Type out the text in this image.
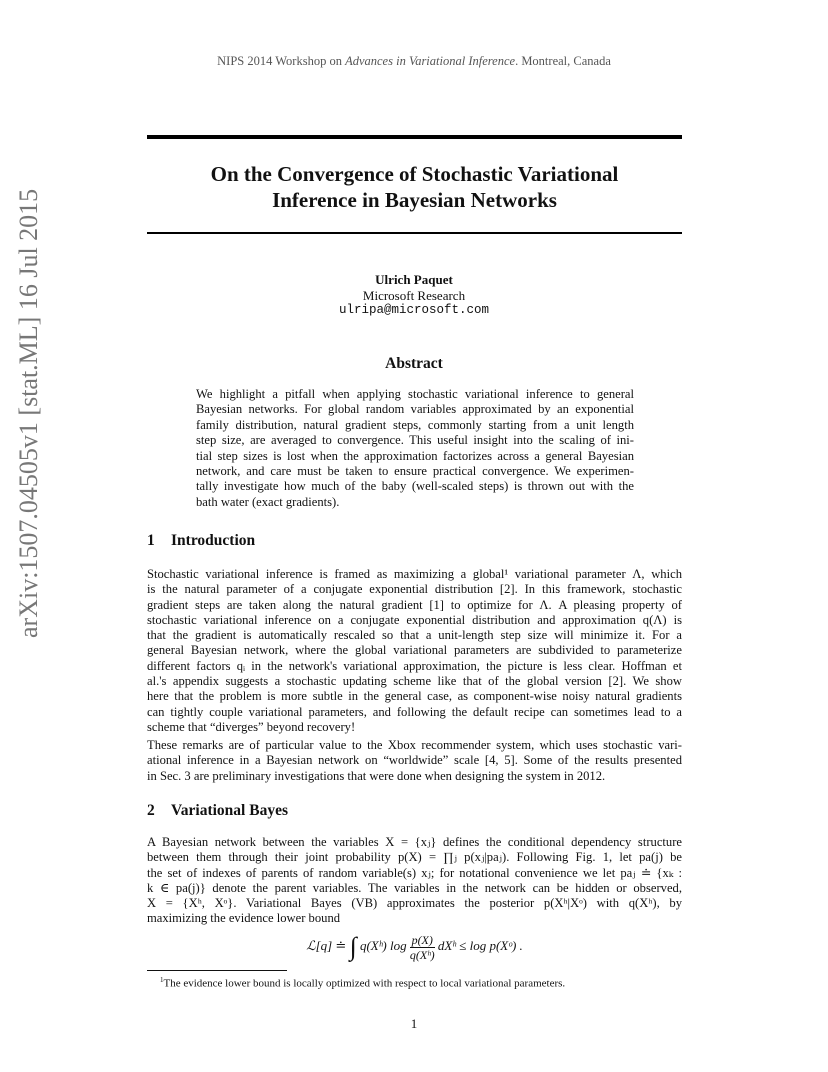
arXiv:1507.04505v1 [stat.ML] 16 Jul 2015
NIPS 2014 Workshop on Advances in Variational Inference. Montreal, Canada
On the Convergence of Stochastic Variational
Inference in Bayesian Networks
Ulrich Paquet
Microsoft Research
ulripa@microsoft.com
Abstract
We highlight a pitfall when applying stochastic variational inference to general
Bayesian networks. For global random variables approximated by an exponential
family distribution, natural gradient steps, commonly starting from a unit length
step size, are averaged to convergence. This useful insight into the scaling of ini-
tial step sizes is lost when the approximation factorizes across a general Bayesian
network, and care must be taken to ensure practical convergence. We experimen-
tally investigate how much of the baby (well-scaled steps) is thrown out with the
bath water (exact gradients).
1 Introduction
Stochastic variational inference is framed as maximizing a global¹ variational parameter Λ, which
is the natural parameter of a conjugate exponential distribution [2]. In this framework, stochastic
gradient steps are taken along the natural gradient [1] to optimize for Λ. A pleasing property of
stochastic variational inference on a conjugate exponential distribution and approximation q(Λ) is
that the gradient is automatically rescaled so that a unit-length step size will minimize it. For a
general Bayesian network, where the global variational parameters are subdivided to parameterize
different factors qᵢ in the network's variational approximation, the picture is less clear. Hoffman et
al.'s appendix suggests a stochastic updating scheme like that of the global version [2]. We show
here that the problem is more subtle in the general case, as component-wise noisy natural gradients
can tightly couple variational parameters, and following the default recipe can sometimes lead to a
scheme that “diverges” beyond recovery!
These remarks are of particular value to the Xbox recommender system, which uses stochastic vari-
ational inference in a Bayesian network on “worldwide” scale [4, 5]. Some of the results presented
in Sec. 3 are preliminary investigations that were done when designing the system in 2012.
2 Variational Bayes
A Bayesian network between the variables X = {xⱼ} defines the conditional dependency structure
between them through their joint probability p(X) = ∏ⱼ p(xⱼ|paⱼ). Following Fig. 1, let pa(j) be
the set of indexes of parents of random variable(s) xⱼ; for notational convenience we let paⱼ ≐ {xₖ :
k ∈ pa(j)} denote the parent variables. The variables in the network can be hidden or observed,
X = {Xʰ, Xᵒ}. Variational Bayes (VB) approximates the posterior p(Xʰ|Xᵒ) with q(Xʰ), by
maximizing the evidence lower bound
ℒ[q] ≐ ∫ q(Xʰ) $\log \frac{p(X)}{\text{q(Xʰ)}}$ dXʰ ≤ log p(Xᵒ) .
$^1$The evidence lower bound is locally optimized with respect to local variational parameters.
1
